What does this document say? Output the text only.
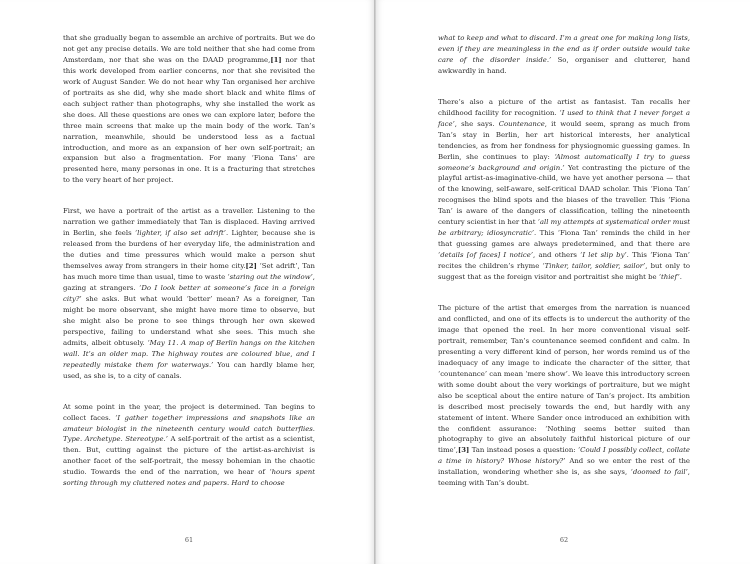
that she gradually began to assemble an archive of portraits. But we do not get any precise details. We are told neither that she had come from Amsterdam, nor that she was on the DAAD programme,[1] nor that this work developed from earlier concerns, nor that she revisited the work of August Sander. We do not hear why Tan organised her archive of portraits as she did, why she made short black and white films of each subject rather than photographs, why she installed the work as she does. All these questions are ones we can explore later, before the three main screens that make up the main body of the work. Tan’s narration, meanwhile, should be understood less as a factual introduction, and more as an expansion of her own self-portrait; an expansion but also a fragmentation. For many ‘Fiona Tans’ are presented here, many personas in one. It is a fracturing that stretches to the very heart of her project.

First, we have a portrait of the artist as a traveller. Listening to the narration we gather immediately that Tan is displaced. Having arrived in Berlin, she feels ‘lighter, if also set adrift’. Lighter, because she is released from the burdens of her everyday life, the administration and the duties and time pressures which would make a person shut themselves away from strangers in their home city.[2] ‘Set adrift’, Tan has much more time than usual, time to waste ‘staring out the window’, gazing at strangers. ‘Do I look better at someone’s face in a foreign city?’ she asks. But what would ‘better’ mean? As a foreigner, Tan might be more observant, she might have more time to observe, but she might also be prone to see things through her own skewed perspective, failing to understand what she sees. This much she admits, albeit obtusely. ‘May 11. A map of Berlin hangs on the kitchen wall. It’s an older map. The highway routes are coloured blue, and I repeatedly mistake them for waterways.’ You can hardly blame her, used, as she is, to a city of canals.

At some point in the year, the project is determined. Tan begins to collect faces. ‘I gather together impressions and snapshots like an amateur biologist in the nineteenth century would catch butterflies. Type. Archetype. Stereotype.’ A self-portrait of the artist as a scientist, then. But, cutting against the picture of the artist-as-archivist is another facet of the self-portrait, the messy bohemian in the chaotic studio. Towards the end of the narration, we hear of ‘hours spent sorting through my cluttered notes and papers. Hard to choose

61

what to keep and what to discard. I’m a great one for making long lists, even if they are meaningless in the end as if order outside would take care of the disorder inside.’ So, organiser and clutterer, hand awkwardly in hand.

There’s also a picture of the artist as fantasist. Tan recalls her childhood facility for recognition. ‘I used to think that I never forget a face’, she says. Countenance, it would seem, sprang as much from Tan’s stay in Berlin, her art historical interests, her analytical tendencies, as from her fondness for physiognomic guessing games. In Berlin, she continues to play: ‘Almost automatically I try to guess someone’s background and origin.’ Yet contrasting the picture of the playful artist-as-imaginative-child, we have yet another persona — that of the knowing, self-aware, self-critical DAAD scholar. This ‘Fiona Tan’ recognises the blind spots and the biases of the traveller. This ‘Fiona Tan’ is aware of the dangers of classification, telling the nineteenth century scientist in her that ‘all my attempts at systematical order must be arbitrary; idiosyncratic’. This ‘Fiona Tan’ reminds the child in her that guessing games are always predetermined, and that there are ‘details [of faces] I notice’, and others ‘I let slip by’. This ‘Fiona Tan’ recites the children’s rhyme ‘Tinker, tailor, soldier, sailor’, but only to suggest that as the foreign visitor and portraitist she might be ‘thief’.

The picture of the artist that emerges from the narration is nuanced and conflicted, and one of its effects is to undercut the authority of the image that opened the reel. In her more conventional visual self-portrait, remember, Tan’s countenance seemed confident and calm. In presenting a very different kind of person, her words remind us of the inadequacy of any image to indicate the character of the sitter, that ‘countenance’ can mean ‘mere show’. We leave this introductory screen with some doubt about the very workings of portraiture, but we might also be sceptical about the entire nature of Tan’s project. Its ambition is described most precisely towards the end, but hardly with any statement of intent. Where Sander once introduced an exhibition with the confident assurance: ‘Nothing seems better suited than photography to give an absolutely faithful historical picture of our time’,[3] Tan instead poses a question: ‘Could I possibly collect, collate a time in history? Whose history?’ And so we enter the rest of the installation, wondering whether she is, as she says, ‘doomed to fail’, teeming with Tan’s doubt.

62
